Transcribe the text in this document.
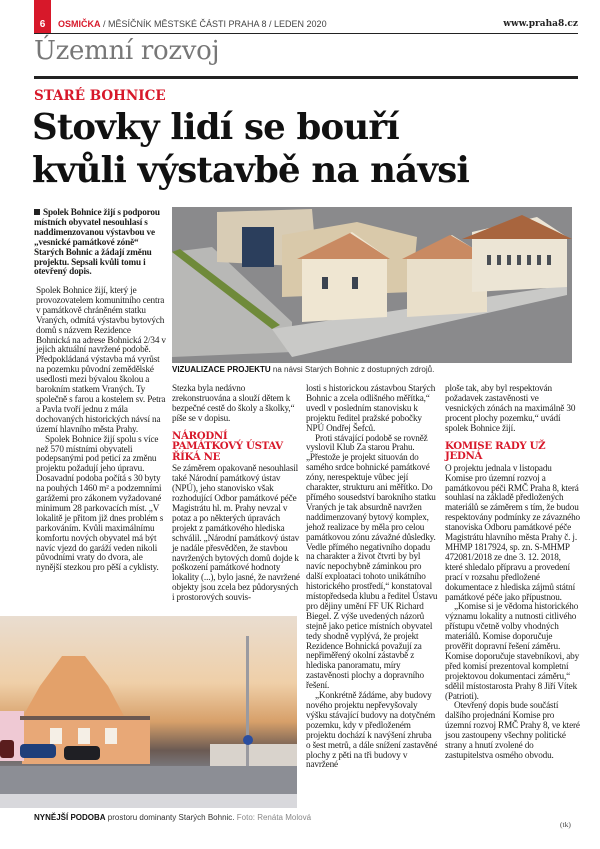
6	OSMIČKA / MĚSÍČNÍK MĚSTSKÉ ČÁSTI PRAHA 8 / LEDEN 2020	www.praha8.cz
Územní rozvoj
STARÉ BOHNICE
Stovky lidí se bouří
kvůli výstavbě na návsi
Spolek Bohnice žijí s podporou místních obyvatel nesouhlasí s naddimenzovanou výstavbou ve „vesnické památkové zóně“ Starých Bohnic a žádají změnu projektu. Sepsali kvůli tomu i otevřený dopis.
VIZUALIZACE PROJEKTU na návsi Starých Bohnic z dostupných zdrojů.

Spolek Bohnice žijí, který je provozovatelem komunitního centra v památkově chráněném statku Vraných, odmítá výstavbu bytových domů s názvem Rezidence Bohnická na adrese Bohnická 2/34 v jejich aktuální navržené podobě. Předpokládaná výstavba má vyrůst na pozemku původní zemědělské usedlosti mezi bývalou školou a barokním statkem Vraných. Ty společně s farou a kostelem sv. Petra a Pavla tvoří jednu z mála dochovaných historických návsí na území hlavního města Prahy.

Spolek Bohnice žijí spolu s více než 570 místními obyvateli podepsanými pod peticí za změnu projektu požadují jeho úpravu. Dosavadní podoba počítá s 30 byty na pouhých 1460 m² a podzemními garážemi pro zákonem vyžadované minimum 28 parkovacích míst. „V lokalitě je přitom již dnes problém s parkováním. Kvůli maximálnímu komfortu nových obyvatel má být navíc vjezd do garáží veden nikoli původními vraty do dvora, ale nynější stezkou pro pěší a cyklisty.

Stezka byla nedávno zrekonstruována a slouží dětem k bezpečné cestě do školy a školky,“ píše se v dopisu.

NÁRODNÍ PAMÁTKOVÝ ÚSTAV ŘÍKÁ NE

Se záměrem opakovaně nesouhlasil také Národní památkový ústav (NPÚ), jeho stanovisko však rozhodující Odbor památkové péče Magistrátu hl. m. Prahy nevzal v potaz a po některých úpravách projekt z památkového hlediska schválil. „Národní památkový ústav je nadále přesvědčen, že stavbou navržených bytových domů dojde k poškození památkové hodnoty lokality (...), bylo jasné, že navržené objekty jsou zcela bez půdorysných i prostorových souvis-

losti s historickou zástavbou Starých Bohnic a zcela odlišného měřítka,“ uvedl v posledním stanovisku k projektu ředitel pražské pobočky NPÚ Ondřej Šefců.

Proti stávající podobě se rovněž vyslovil Klub Za starou Prahu. „Přestože je projekt situován do samého srdce bohnické památkové zóny, nerespektuje vůbec její charakter, strukturu ani měřítko. Do přímého sousedství barokního statku Vraných je tak absurdně navržen naddimenzovaný bytový komplex, jehož realizace by měla pro celou památkovou zónu závažné důsledky. Vedle přímého negativního dopadu na charakter a život čtvrti by byl navíc nepochybně záminkou pro další exploataci tohoto unikátního historického prostředí,“ konstatoval místopředseda klubu a ředitel Ústavu pro dějiny umění FF UK Richard Biegel. Z výše uvedených názorů stejně jako petice místních obyvatel tedy shodně vyplývá, že projekt Rezidence Bohnická považují za nepřiměřený okolní zástavbě z hlediska panoramatu, míry zastavěnosti plochy a dopravního řešení.

„Konkrétně žádáme, aby budovy nového projektu nepřevyšovaly výšku stávající budovy na dotyčném pozemku, kdy v předloženém projektu dochází k navýšení zhruba o šest metrů, a dále snížení zastavěné plochy z pěti na tři budovy v navržené

ploše tak, aby byl respektován požadavek zastavěnosti ve vesnických zónách na maximálně 30 procent plochy pozemku,“ uvádí spolek Bohnice žijí.

KOMISE RADY UŽ JEDNÁ

O projektu jednala v listopadu Komise pro územní rozvoj a památkovou péči RMČ Praha 8, která souhlasí na základě předložených materiálů se záměrem s tím, že budou respektovány podmínky ze závazného stanoviska Odboru památkové péče Magistrátu hlavního města Prahy č. j. MHMP 1817924, sp. zn. S-MHMP 472081/2018 ze dne 3. 12. 2018, které shledalo přípravu a provedení prací v rozsahu předložené dokumentace z hlediska zájmů státní památkové péče jako přípustnou.

„Komise si je vědoma historického významu lokality a nutnosti citlivého přístupu včetně volby vhodných materiálů. Komise doporučuje prověřit dopravní řešení záměru. Komise doporučuje stavebníkovi, aby před komisí prezentoval kompletní projektovou dokumentaci záměru,“ sdělil místostarosta Prahy 8 Jiří Vítek (Patrioti).

Otevřený dopis bude součástí dalšího projednání Komise pro územní rozvoj RMČ Prahy 8, ve které jsou zastoupeny všechny politické strany a hnutí zvolené do zastupitelstva osmého obvodu.

(tk)
NYNĚJŠÍ PODOBA prostoru dominanty Starých Bohnic. Foto: Renáta Molová
